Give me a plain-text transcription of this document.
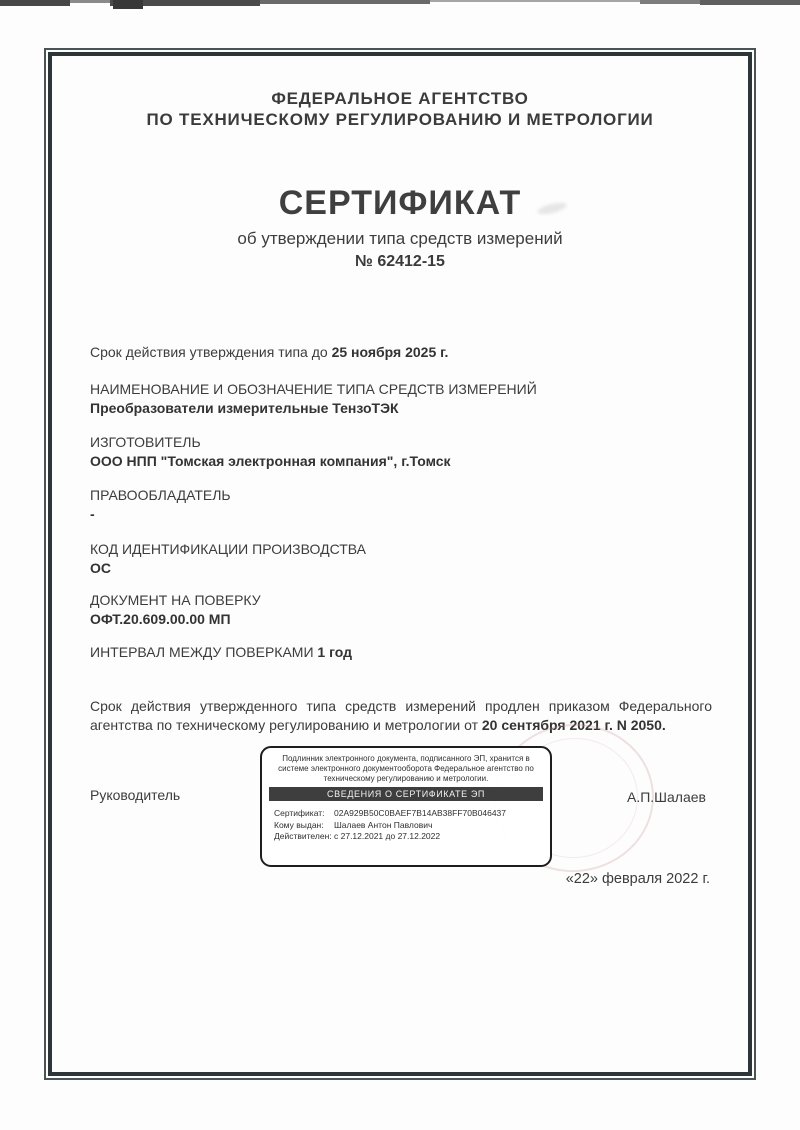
ФЕДЕРАЛЬНОЕ АГЕНТСТВО
ПО ТЕХНИЧЕСКОМУ РЕГУЛИРОВАНИЮ И МЕТРОЛОГИИ
СЕРТИФИКАТ
об утверждении типа средств измерений
№ 62412-15
Срок действия утверждения типа до 25 ноября 2025 г.
НАИМЕНОВАНИЕ И ОБОЗНАЧЕНИЕ ТИПА СРЕДСТВ ИЗМЕРЕНИЙ
Преобразователи измерительные ТензоТЭК
ИЗГОТОВИТЕЛЬ
ООО НПП "Томская электронная компания", г.Томск
ПРАВООБЛАДАТЕЛЬ
-
КОД ИДЕНТИФИКАЦИИ ПРОИЗВОДСТВА
ОС
ДОКУМЕНТ НА ПОВЕРКУ
ОФТ.20.609.00.00 МП
ИНТЕРВАЛ МЕЖДУ ПОВЕРКАМИ 1 год
Срок действия утвержденного типа средств измерений продлен приказом Федерального агентства по техническому регулированию и метрологии от 20 сентября 2021 г. N 2050.
Подлинник электронного документа, подписанного ЭП, хранится в системе электронного документооборота Федеральное агентство по техническому регулированию и метрологии.
СВЕДЕНИЯ О СЕРТИФИКАТЕ ЭП
Сертификат: 02A929B50C0BAEF7B14AB38FF70B046437
Кому выдан: Шалаев Антон Павлович
Действителен: с 27.12.2021 до 27.12.2022
Руководитель	А.П.Шалаев
«22» февраля 2022 г.
